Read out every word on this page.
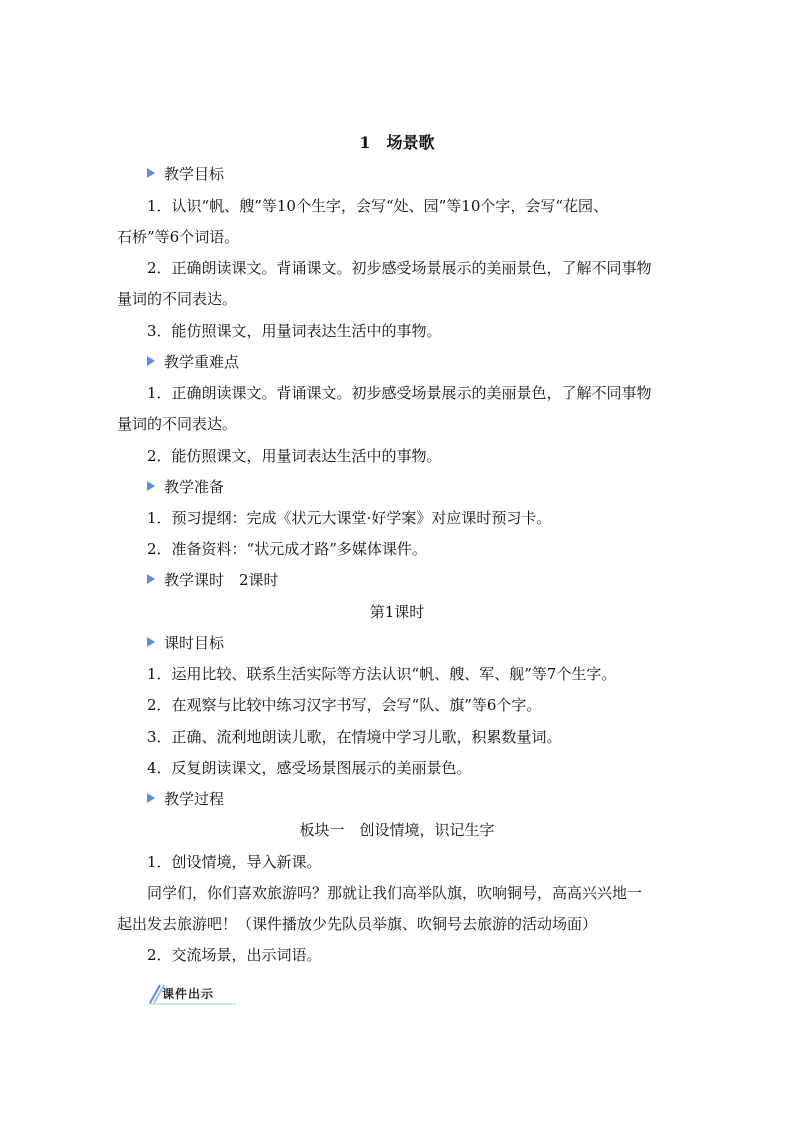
1　场景歌
教学目标
1．认识“帆、艘”等10个生字，会写“处、园”等10个字，会写“花园、
石桥”等6个词语。
2．正确朗读课文。背诵课文。初步感受场景展示的美丽景色，了解不同事物
量词的不同表达。
3．能仿照课文，用量词表达生活中的事物。
教学重难点
1．正确朗读课文。背诵课文。初步感受场景展示的美丽景色，了解不同事物
量词的不同表达。
2．能仿照课文，用量词表达生活中的事物。
教学准备
1．预习提纲：完成《状元大课堂·好学案》对应课时预习卡。
2．准备资料：“状元成才路”多媒体课件。
教学课时　2课时
第1课时
课时目标
1．运用比较、联系生活实际等方法认识“帆、艘、军、舰”等7个生字。
2．在观察与比较中练习汉字书写，会写“队、旗”等6个字。
3．正确、流利地朗读儿歌，在情境中学习儿歌，积累数量词。
4．反复朗读课文，感受场景图展示的美丽景色。
教学过程
板块一　创设情境，识记生字
1．创设情境，导入新课。
同学们，你们喜欢旅游吗？那就让我们高举队旗，吹响铜号，高高兴兴地一
起出发去旅游吧！（课件播放少先队员举旗、吹铜号去旅游的活动场面）
2．交流场景，出示词语。
课件出示
